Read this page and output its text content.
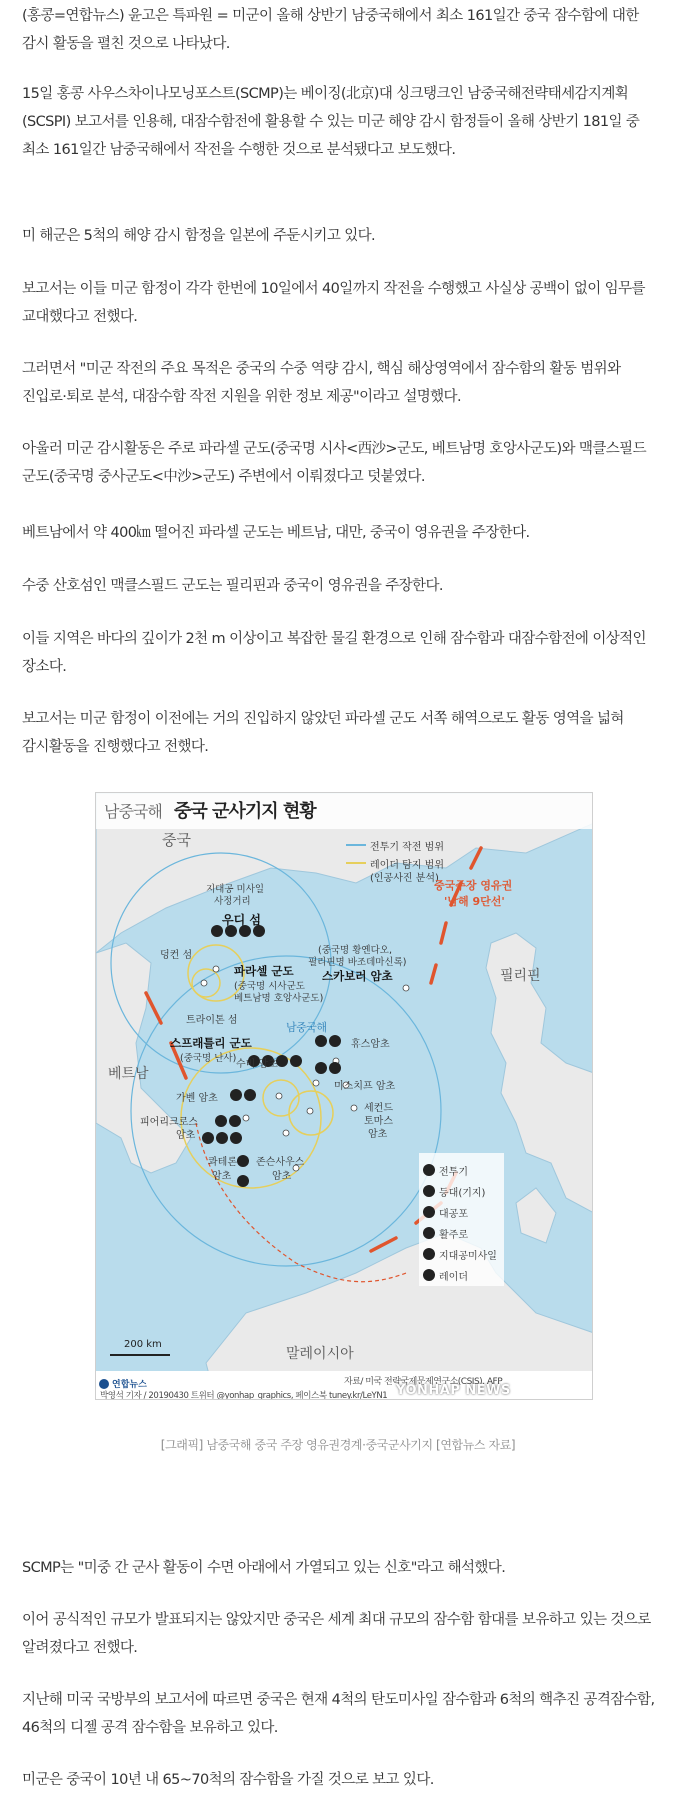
(홍콩=연합뉴스) 윤고은 특파원 = 미군이 올해 상반기 남중국해에서 최소 161일간 중국 잠수함에 대한 감시 활동을 펼친 것으로 나타났다.

15일 홍콩 사우스차이나모닝포스트(SCMP)는 베이징(北京)대 싱크탱크인 남중국해전략태세감지계획(SCSPI) 보고서를 인용해, 대잠수함전에 활용할 수 있는 미군 해양 감시 함정들이 올해 상반기 181일 중 최소 161일간 남중국해에서 작전을 수행한 것으로 분석됐다고 보도했다.

미 해군은 5척의 해양 감시 함정을 일본에 주둔시키고 있다.

보고서는 이들 미군 함정이 각각 한번에 10일에서 40일까지 작전을 수행했고 사실상 공백이 없이 임무를 교대했다고 전했다.

그러면서 "미군 작전의 주요 목적은 중국의 수중 역량 감시, 핵심 해상영역에서 잠수함의 활동 범위와 진입로·퇴로 분석, 대잠수함 작전 지원을 위한 정보 제공"이라고 설명했다.

아울러 미군 감시활동은 주로 파라셀 군도(중국명 시사<西沙>군도, 베트남명 호앙사군도)와 맥클스필드 군도(중국명 중사군도<中沙>군도) 주변에서 이뤄졌다고 덧붙였다.

베트남에서 약 400㎞ 떨어진 파라셀 군도는 베트남, 대만, 중국이 영유권을 주장한다.

수중 산호섬인 맥클스필드 군도는 필리핀과 중국이 영유권을 주장한다.

이들 지역은 바다의 깊이가 2천 m 이상이고 복잡한 물길 환경으로 인해 잠수함과 대잠수함전에 이상적인 장소다.

보고서는 미군 함정이 이전에는 거의 진입하지 않았던 파라셀 군도 서쪽 해역으로도 활동 영역을 넓혀 감시활동을 진행했다고 전했다.

남중국해 중국 군사기지 현황
중국
베트남
필리핀
말레이시아
남중국해
전투기 작전 범위
레이더 탐지 범위
(인공사진 분석)
중국주장 영유권
'남해 9단선'
지대공 미사일
사정거리
우디 섬
덩컨 섬
파라셀 군도
(중국명 시사군도
베트남명 호앙사군도)
트라이톤 섬
(중국명 황옌다오,
필리핀명 바조데마신록)
스카보러 암초
스프래틀리 군도
(중국명 난사)
수비 암초
휴스암초
미스치프 암초
가벤 암초
피어리크로스
암초
세컨드
토마스
암초
콰테론
암초
존슨사우스
암초	전투기
등대(기지)
대공포
활주로
지대공미사일
레이더
200 km
자료/ 미국 전략국제문제연구소(CSIS), AFP
연합뉴스
박영석 기자 / 20190430 트위터 @yonhap_graphics, 페이스북 tuney.kr/LeYN1 YONHAP NEWS
[그래픽] 남중국해 중국 주장 영유권경계·중국군사기지 [연합뉴스 자료]

SCMP는 "미중 간 군사 활동이 수면 아래에서 가열되고 있는 신호"라고 해석했다.

이어 공식적인 규모가 발표되지는 않았지만 중국은 세계 최대 규모의 잠수함 함대를 보유하고 있는 것으로 알려졌다고 전했다.

지난해 미국 국방부의 보고서에 따르면 중국은 현재 4척의 탄도미사일 잠수함과 6척의 핵추진 공격잠수함, 46척의 디젤 공격 잠수함을 보유하고 있다.

미군은 중국이 10년 내 65~70척의 잠수함을 가질 것으로 보고 있다.
